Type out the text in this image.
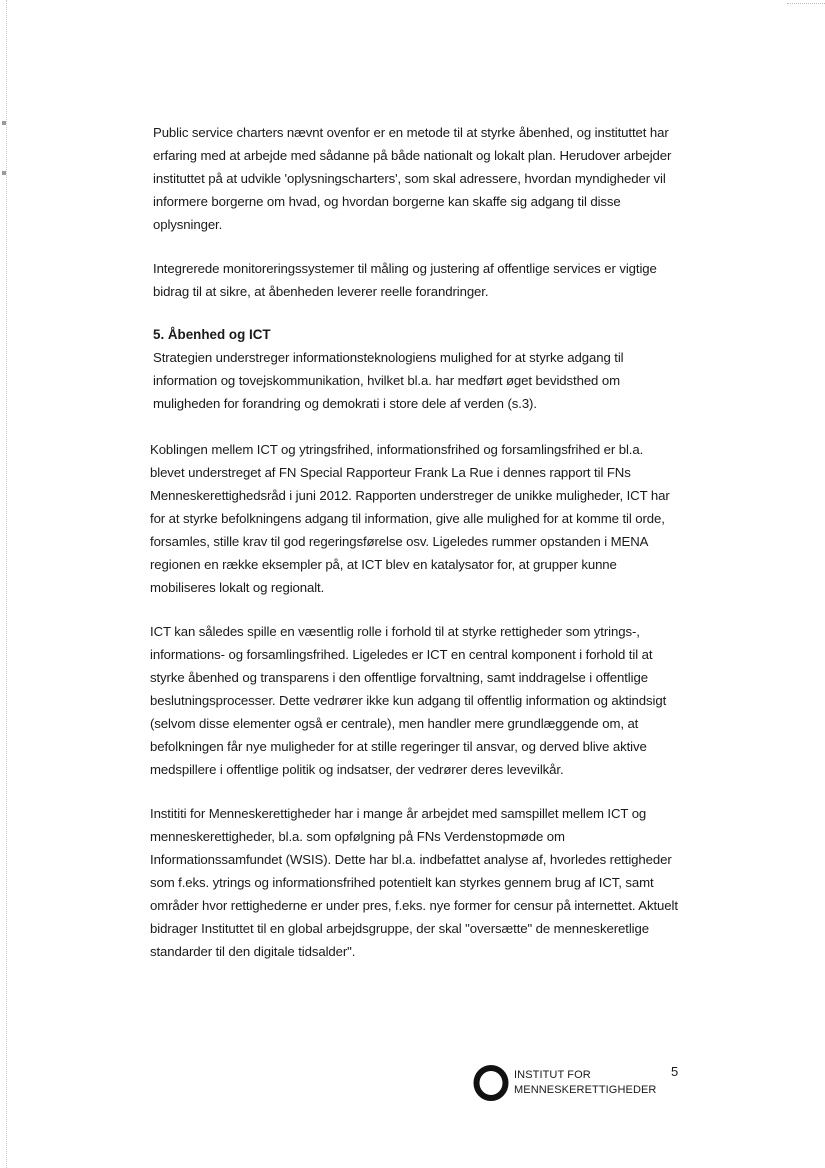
Public service charters nævnt ovenfor er en metode til at styrke åbenhed, og instituttet har erfaring med at arbejde med sådanne på både nationalt og lokalt plan. Herudover arbejder instituttet på at udvikle 'oplysningscharters', som skal adressere, hvordan myndigheder vil informere borgerne om hvad, og hvordan borgerne kan skaffe sig adgang til disse oplysninger.

Integrerede monitoreringssystemer til måling og justering af offentlige services er vigtige bidrag til at sikre, at åbenheden leverer reelle forandringer.

5. Åbenhed og ICT

Strategien understreger informationsteknologiens mulighed for at styrke adgang til information og tovejskommunikation, hvilket bl.a. har medført øget bevidsthed om muligheden for forandring og demokrati i store dele af verden (s.3).

Koblingen mellem ICT og ytringsfrihed, informationsfrihed og forsamlingsfrihed er bl.a. blevet understreget af FN Special Rapporteur Frank La Rue i dennes rapport til FNs Menneskerettighedsråd i juni 2012. Rapporten understreger de unikke muligheder, ICT har for at styrke befolkningens adgang til information, give alle mulighed for at komme til orde, forsamles, stille krav til god regeringsførelse osv. Ligeledes rummer opstanden i MENA regionen en række eksempler på, at ICT blev en katalysator for, at grupper kunne mobiliseres lokalt og regionalt.

ICT kan således spille en væsentlig rolle i forhold til at styrke rettigheder som ytrings-, informations- og forsamlingsfrihed. Ligeledes er ICT en central komponent i forhold til at styrke åbenhed og transparens i den offentlige forvaltning, samt inddragelse i offentlige beslutningsprocesser. Dette vedrører ikke kun adgang til offentlig information og aktindsigt (selvom disse elementer også er centrale), men handler mere grundlæggende om, at befolkningen får nye muligheder for at stille regeringer til ansvar, og derved blive aktive medspillere i offentlige politik og indsatser, der vedrører deres levevilkår.

Instititi for Menneskerettigheder har i mange år arbejdet med samspillet mellem ICT og menneskerettigheder, bl.a. som opfølgning på FNs Verdenstopmøde om Informationssamfundet (WSIS). Dette har bl.a. indbefattet analyse af, hvorledes rettigheder som f.eks. ytrings og informationsfrihed potentielt kan styrkes gennem brug af ICT, samt områder hvor rettighederne er under pres, f.eks. nye former for censur på internettet. Aktuelt bidrager Instituttet til en global arbejdsgruppe, der skal "oversætte" de menneskeretlige standarder til den digitale tidsalder".

INSTITUT FOR
MENNESKERETTIGHEDER
5
